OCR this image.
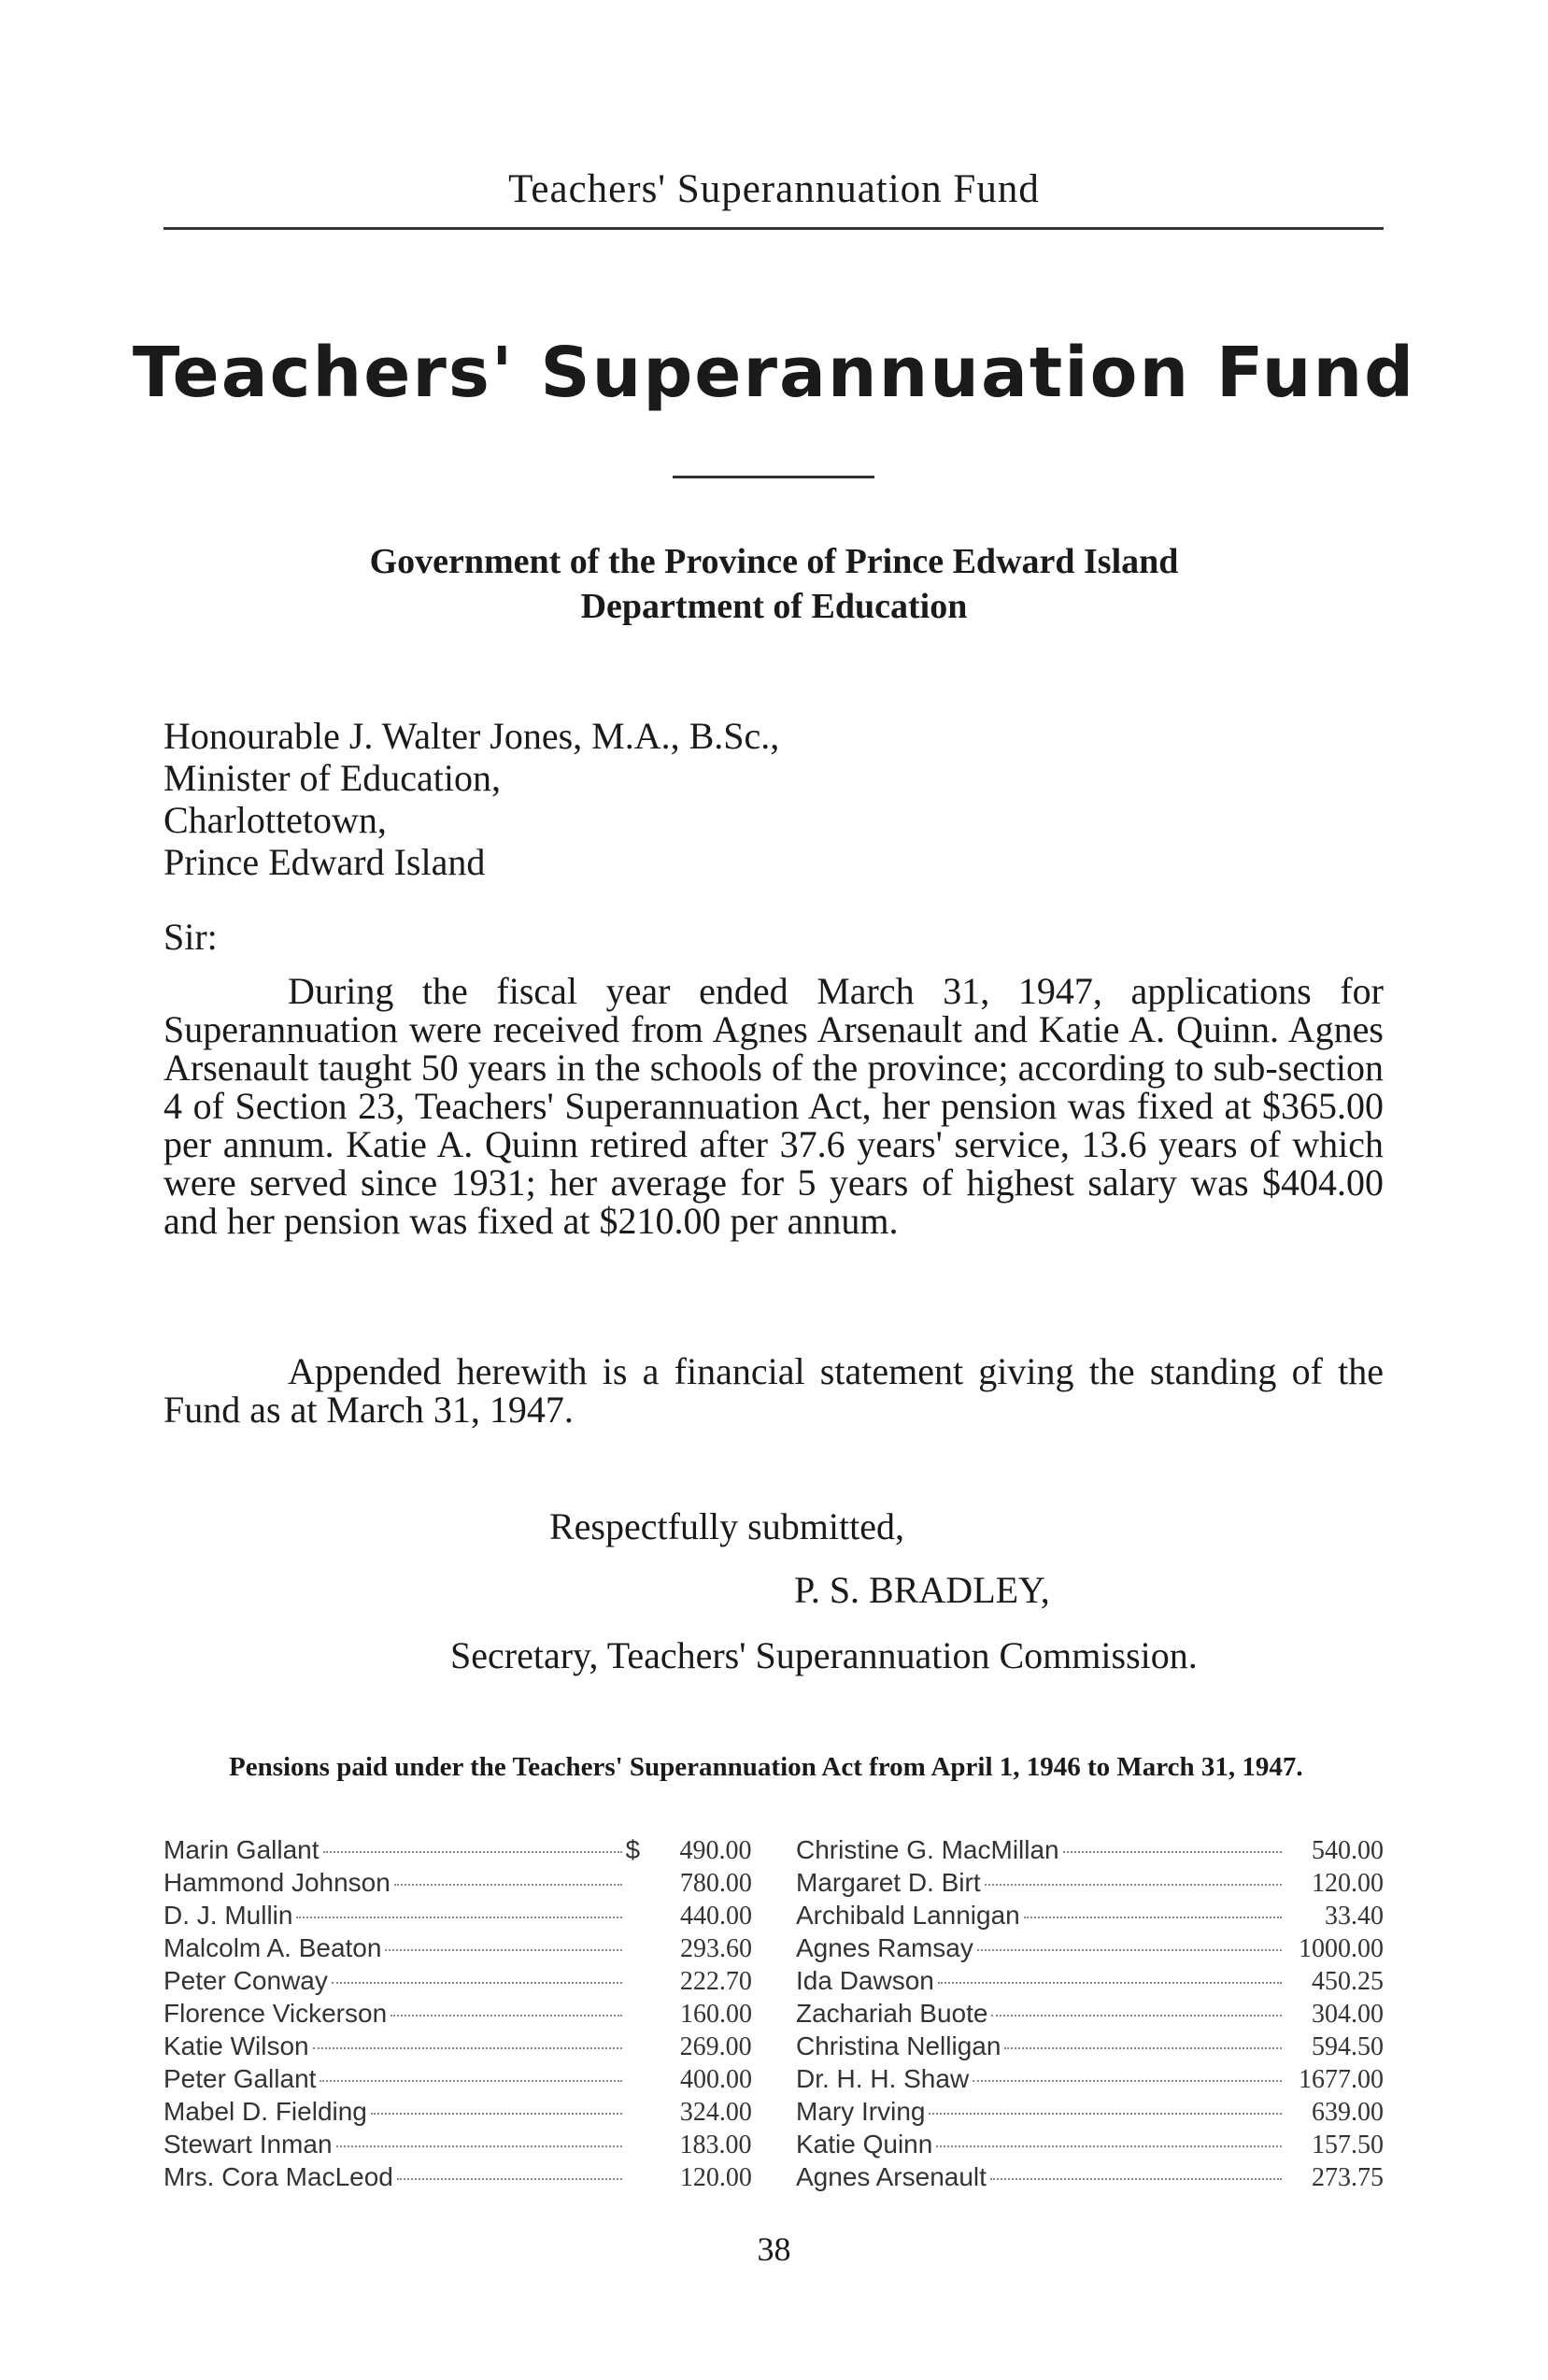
Teachers' Superannuation Fund
Teachers' Superannuation Fund
Government of the Province of Prince Edward Island
Department of Education
Honourable J. Walter Jones, M.A., B.Sc.,
Minister of Education,
Charlottetown,
Prince Edward Island
Sir:

During the fiscal year ended March 31, 1947, applications for Superannuation were received from Agnes Arsenault and Katie A. Quinn. Agnes Arsenault taught 50 years in the schools of the province; according to sub-section 4 of Section 23, Teachers' Superannuation Act, her pension was fixed at $365.00 per annum. Katie A. Quinn retired after 37.6 years' service, 13.6 years of which were served since 1931; her average for 5 years of highest salary was $404.00 and her pension was fixed at $210.00 per annum.

Appended herewith is a financial statement giving the standing of the Fund as at March 31, 1947.

Respectfully submitted,
P. S. BRADLEY,
Secretary, Teachers' Superannuation Commission.
Pensions paid under the Teachers' Superannuation Act from April 1, 1946 to March 31, 1947.
Marin Gallant	$	490.00
Hammond Johnson	780.00
D. J. Mullin	440.00
Malcolm A. Beaton	293.60
Peter Conway	222.70
Florence Vickerson	160.00
Katie Wilson	269.00
Peter Gallant	400.00
Mabel D. Fielding	324.00
Stewart Inman	183.00
Mrs. Cora MacLeod	120.00
Christine G. MacMillan	540.00
Margaret D. Birt	120.00
Archibald Lannigan	33.40
Agnes Ramsay	1000.00
Ida Dawson	450.25
Zachariah Buote	304.00
Christina Nelligan	594.50
Dr. H. H. Shaw	1677.00
Mary Irving	639.00
Katie Quinn	157.50
Agnes Arsenault	273.75
38
